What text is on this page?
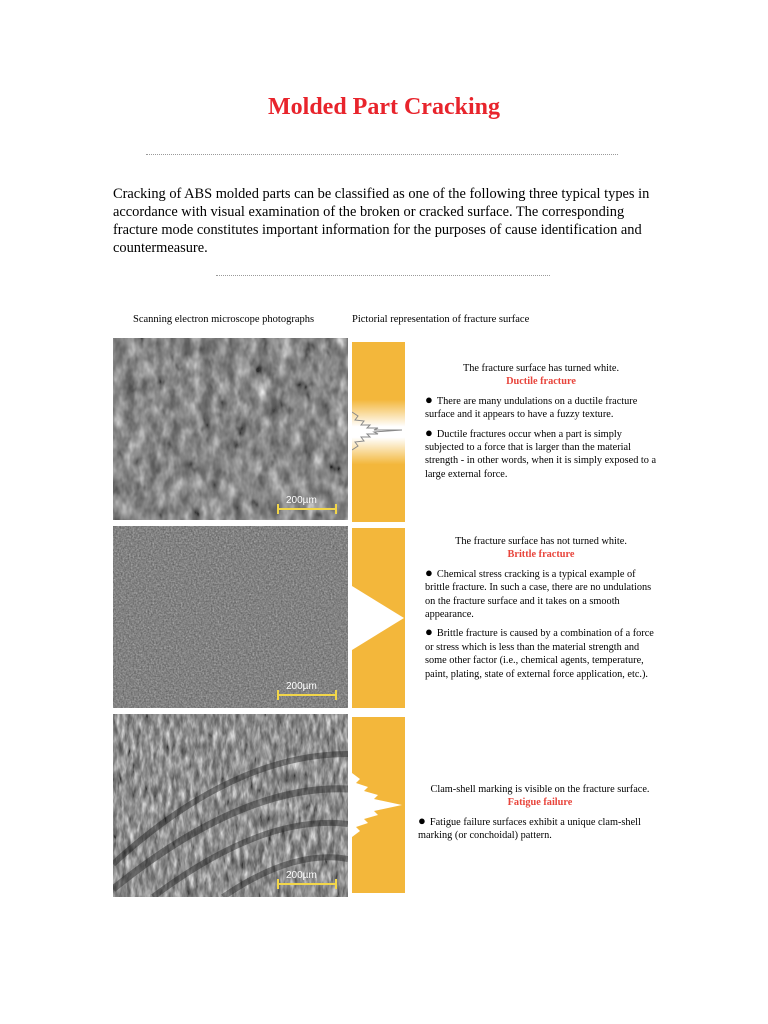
Molded Part Cracking
Cracking of ABS molded parts can be classified as one of the following three typical types in accordance with visual examination of the broken or cracked surface. The corresponding fracture mode constitutes important information for the purposes of cause identification and countermeasure.
Scanning electron microscope photographs	Pictorial representation of fracture surface
200µm
The fracture surface has turned white.
Ductile fracture

● There are many undulations on a ductile fracture surface and it appears to have a fuzzy texture.

● Ductile fractures occur when a part is simply subjected to a force that is larger than the material strength - in other words, when it is simply exposed to a large external force.

200µm
The fracture surface has not turned white.
Brittle fracture

● Chemical stress cracking is a typical example of brittle fracture. In such a case, there are no undulations on the fracture surface and it takes on a smooth appearance.

● Brittle fracture is caused by a combination of a force or stress which is less than the material strength and some other factor (i.e., chemical agents, temperature, paint, plating, state of external force application, etc.).

200µm
Clam-shell marking is visible on the fracture surface.
Fatigue failure

● Fatigue failure surfaces exhibit a unique clam-shell marking (or conchoidal) pattern.
